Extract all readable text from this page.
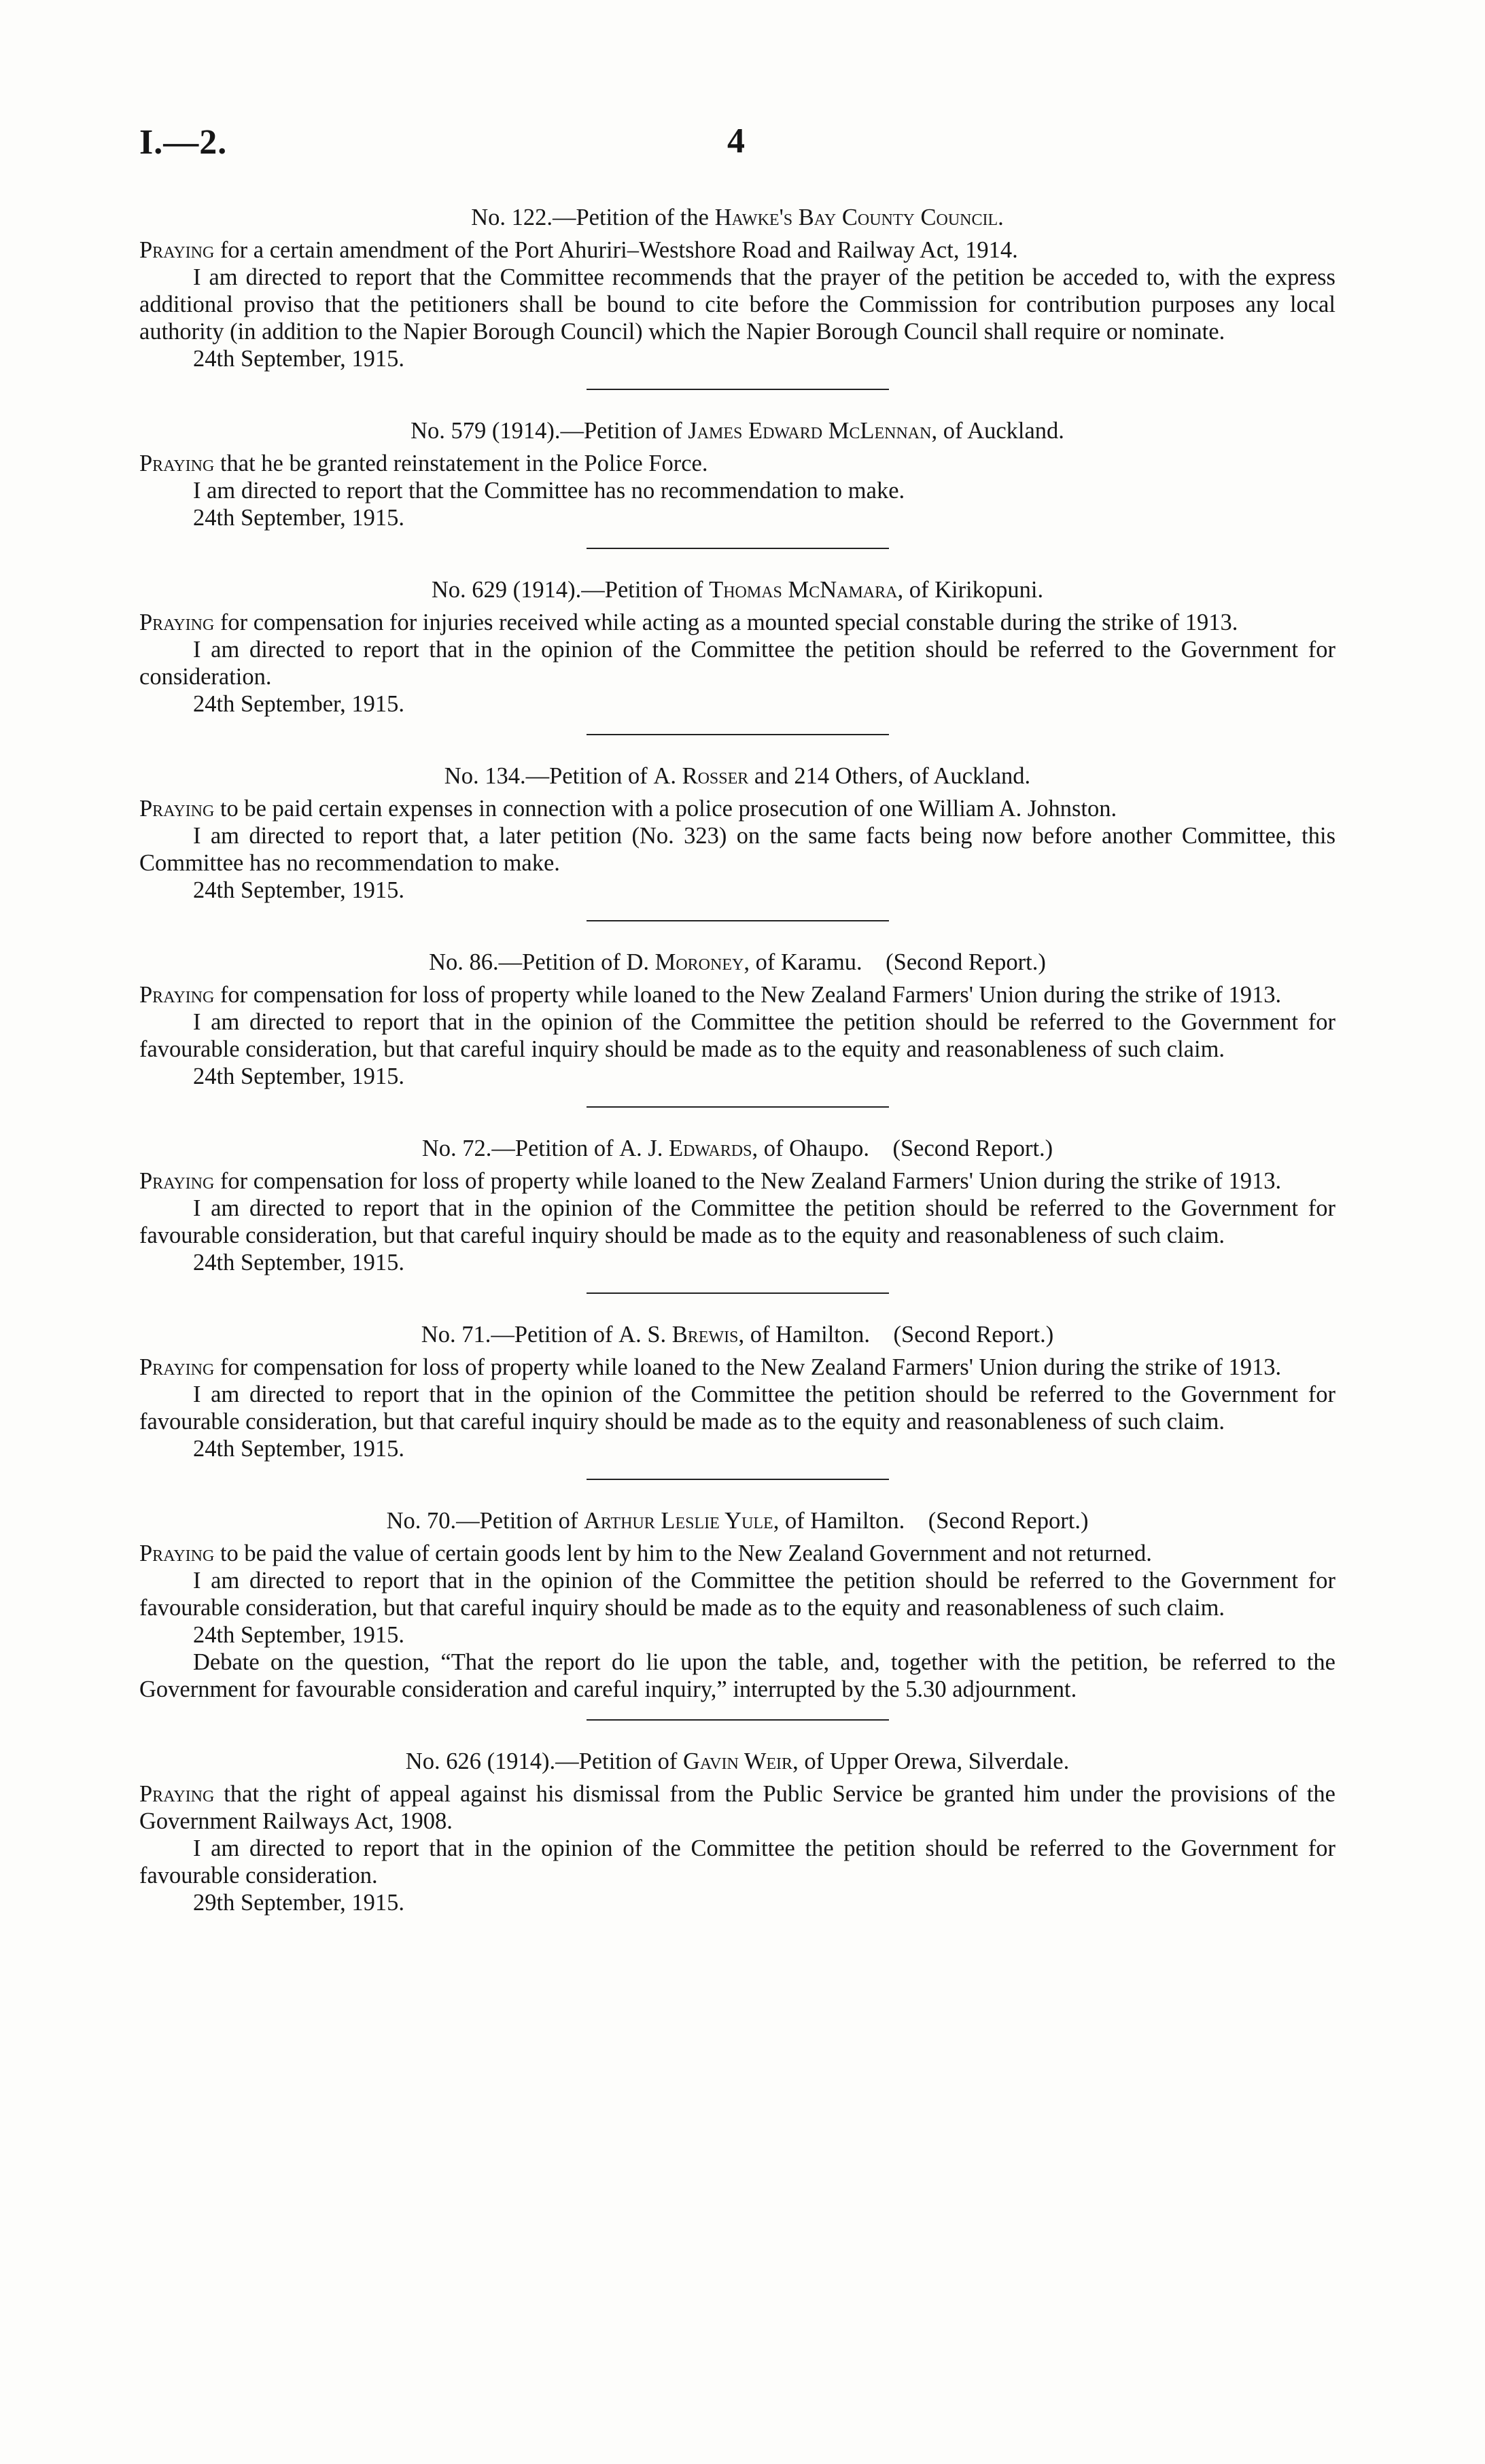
I.—2.	4

No. 122.—Petition of the Hawke's Bay County Council.

Praying for a certain amendment of the Port Ahuriri–Westshore Road and Railway Act, 1914.

I am directed to report that the Committee recommends that the prayer of the petition be acceded to, with the express additional proviso that the petitioners shall be bound to cite before the Commission for contribution purposes any local authority (in addition to the Napier Borough Council) which the Napier Borough Council shall require or nominate.

24th September, 1915.

No. 579 (1914).—Petition of James Edward McLennan, of Auckland.

Praying that he be granted reinstatement in the Police Force.

I am directed to report that the Committee has no recommendation to make.

24th September, 1915.

No. 629 (1914).—Petition of Thomas McNamara, of Kirikopuni.

Praying for compensation for injuries received while acting as a mounted special constable during the strike of 1913.

I am directed to report that in the opinion of the Committee the petition should be referred to the Government for consideration.

24th September, 1915.

No. 134.—Petition of A. Rosser and 214 Others, of Auckland.

Praying to be paid certain expenses in connection with a police prosecution of one William A. Johnston.

I am directed to report that, a later petition (No. 323) on the same facts being now before another Committee, this Committee has no recommendation to make.

24th September, 1915.

No. 86.—Petition of D. Moroney, of Karamu.    (Second Report.)

Praying for compensation for loss of property while loaned to the New Zealand Farmers' Union during the strike of 1913.

I am directed to report that in the opinion of the Committee the petition should be referred to the Government for favourable consideration, but that careful inquiry should be made as to the equity and reasonableness of such claim.

24th September, 1915.

No. 72.—Petition of A. J. Edwards, of Ohaupo.    (Second Report.)

Praying for compensation for loss of property while loaned to the New Zealand Farmers' Union during the strike of 1913.

I am directed to report that in the opinion of the Committee the petition should be referred to the Government for favourable consideration, but that careful inquiry should be made as to the equity and reasonableness of such claim.

24th September, 1915.

No. 71.—Petition of A. S. Brewis, of Hamilton.    (Second Report.)

Praying for compensation for loss of property while loaned to the New Zealand Farmers' Union during the strike of 1913.

I am directed to report that in the opinion of the Committee the petition should be referred to the Government for favourable consideration, but that careful inquiry should be made as to the equity and reasonableness of such claim.

24th September, 1915.

No. 70.—Petition of Arthur Leslie Yule, of Hamilton.    (Second Report.)

Praying to be paid the value of certain goods lent by him to the New Zealand Government and not returned.

I am directed to report that in the opinion of the Committee the petition should be referred to the Government for favourable consideration, but that careful inquiry should be made as to the equity and reasonableness of such claim.

24th September, 1915.

Debate on the question, “That the report do lie upon the table, and, together with the petition, be referred to the Government for favourable consideration and careful inquiry,” interrupted by the 5.30 adjournment.

No. 626 (1914).—Petition of Gavin Weir, of Upper Orewa, Silverdale.

Praying that the right of appeal against his dismissal from the Public Service be granted him under the provisions of the Government Railways Act, 1908.

I am directed to report that in the opinion of the Committee the petition should be referred to the Government for favourable consideration.

29th September, 1915.
